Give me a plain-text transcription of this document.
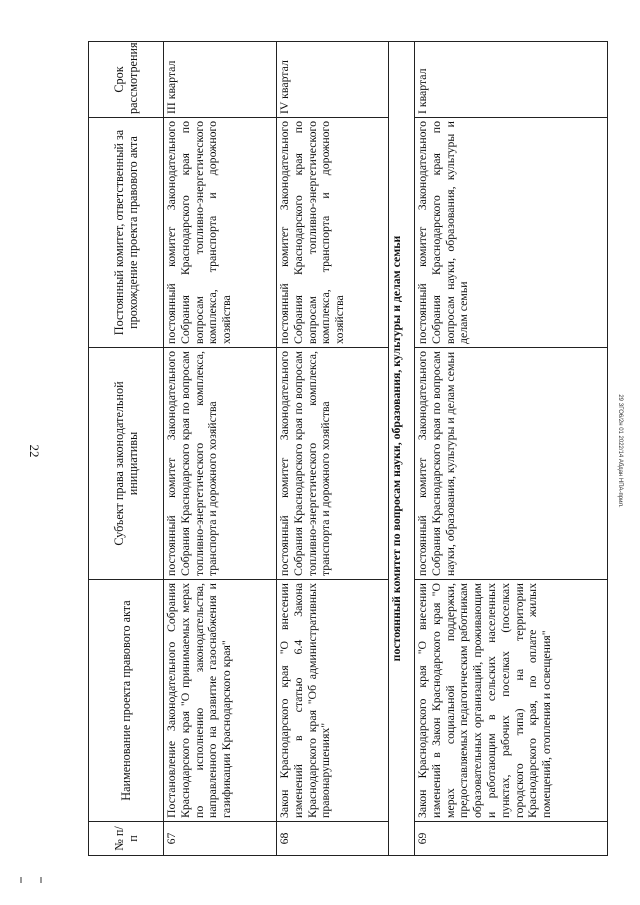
22	29 ЗГО6/2н 01 2022/14 Абдан НПА-прил.
№ п/п	Наименование проекта правового акта	Субъект права законодательной инициативы	Постоянный комитет, ответственный за прохождение проекта правового акта	Срок рассмотрения
67	Постановление Законодательного Собрания Краснодарского края "О принимаемых мерах по исполнению законодательства, направленного на развитие газоснабжения и газификации Краснодарского края"	постоянный комитет Законодательного Собрания Краснодарского края по вопросам топливно-энергетического комплекса, транспорта и дорожного хозяйства	постоянный комитет Законодательного Собрания Краснодарского края по вопросам топливно-энергетического комплекса, транспорта и дорожного хозяйства	III квартал
68	Закон Краснодарского края "О внесении изменений в статью 6.4 Закона Краснодарского края "Об административных правонарушениях"	постоянный комитет Законодательного Собрания Краснодарского края по вопросам топливно-энергетического комплекса, транспорта и дорожного хозяйства	постоянный комитет Законодательного Собрания Краснодарского края по вопросам топливно-энергетического комплекса, транспорта и дорожного хозяйства	IV квартал
постоянный комитет по вопросам науки, образования, культуры и делам семьи				
69	Закон Краснодарского края "О внесении изменений в Закон Краснодарского края "О мерах социальной поддержки, предоставляемых педагогическим работникам образовательных организаций, проживающим и работающим в сельских населенных пунктах, рабочих поселках (поселках городского типа) на территории Краснодарского края, по оплате жилых помещений, отопления и освещения"	постоянный комитет Законодательного Собрания Краснодарского края по вопросам науки, образования, культуры и делам семьи	постоянный комитет Законодательного Собрания Краснодарского края по вопросам науки, образования, культуры и делам семьи	I квартал
